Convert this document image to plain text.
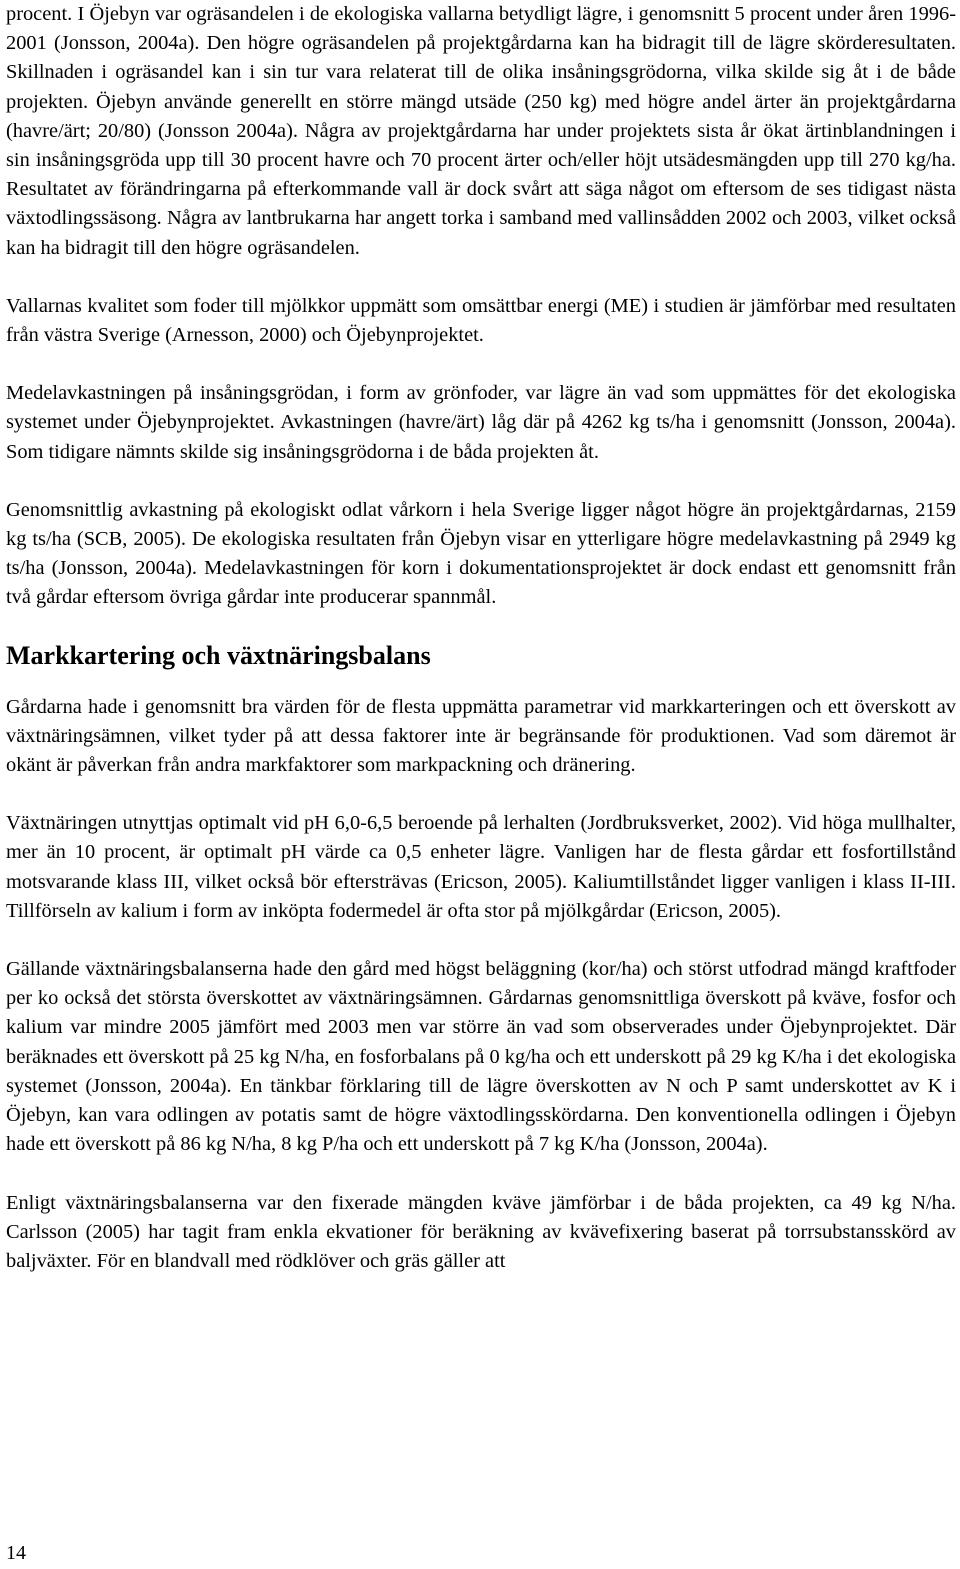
procent. I Öjebyn var ogräsandelen i de ekologiska vallarna betydligt lägre, i genomsnitt 5 procent under åren 1996-2001 (Jonsson, 2004a). Den högre ogräsandelen på projektgårdarna kan ha bidragit till de lägre skörderesultaten. Skillnaden i ogräsandel kan i sin tur vara relaterat till de olika insåningsgrödorna, vilka skilde sig åt i de både projekten. Öjebyn använde generellt en större mängd utsäde (250 kg) med högre andel ärter än projektgårdarna (havre/ärt; 20/80) (Jonsson 2004a). Några av projektgårdarna har under projektets sista år ökat ärtinblandningen i sin insåningsgröda upp till 30 procent havre och 70 procent ärter och/eller höjt utsädesmängden upp till 270 kg/ha. Resultatet av förändringarna på efterkommande vall är dock svårt att säga något om eftersom de ses tidigast nästa växtodlingssäsong. Några av lantbrukarna har angett torka i samband med vallinsådden 2002 och 2003, vilket också kan ha bidragit till den högre ogräsandelen.

Vallarnas kvalitet som foder till mjölkkor uppmätt som omsättbar energi (ME) i studien är jämförbar med resultaten från västra Sverige (Arnesson, 2000) och Öjebynprojektet.

Medelavkastningen på insåningsgrödan, i form av grönfoder, var lägre än vad som uppmättes för det ekologiska systemet under Öjebynprojektet. Avkastningen (havre/ärt) låg där på 4262 kg ts/ha i genomsnitt (Jonsson, 2004a). Som tidigare nämnts skilde sig insåningsgrödorna i de båda projekten åt.

Genomsnittlig avkastning på ekologiskt odlat vårkorn i hela Sverige ligger något högre än projektgårdarnas, 2159 kg ts/ha (SCB, 2005). De ekologiska resultaten från Öjebyn visar en ytterligare högre medelavkastning på 2949 kg ts/ha (Jonsson, 2004a). Medelavkastningen för korn i dokumentationsprojektet är dock endast ett genomsnitt från två gårdar eftersom övriga gårdar inte producerar spannmål.

Markkartering och växtnäringsbalans

Gårdarna hade i genomsnitt bra värden för de flesta uppmätta parametrar vid markkarteringen och ett överskott av växtnäringsämnen, vilket tyder på att dessa faktorer inte är begränsande för produktionen. Vad som däremot är okänt är påverkan från andra markfaktorer som markpackning och dränering.

Växtnäringen utnyttjas optimalt vid pH 6,0-6,5 beroende på lerhalten (Jordbruksverket, 2002). Vid höga mullhalter, mer än 10 procent, är optimalt pH värde ca 0,5 enheter lägre. Vanligen har de flesta gårdar ett fosfortillstånd motsvarande klass III, vilket också bör eftersträvas (Ericson, 2005). Kaliumtillståndet ligger vanligen i klass II-III. Tillförseln av kalium i form av inköpta fodermedel är ofta stor på mjölkgårdar (Ericson, 2005).

Gällande växtnäringsbalanserna hade den gård med högst beläggning (kor/ha) och störst utfodrad mängd kraftfoder per ko också det största överskottet av växtnäringsämnen. Gårdarnas genomsnittliga överskott på kväve, fosfor och kalium var mindre 2005 jämfört med 2003 men var större än vad som observerades under Öjebynprojektet. Där beräknades ett överskott på 25 kg N/ha, en fosforbalans på 0 kg/ha och ett underskott på 29 kg K/ha i det ekologiska systemet (Jonsson, 2004a). En tänkbar förklaring till de lägre överskotten av N och P samt underskottet av K i Öjebyn, kan vara odlingen av potatis samt de högre växtodlingsskördarna. Den konventionella odlingen i Öjebyn hade ett överskott på 86 kg N/ha, 8 kg P/ha och ett underskott på 7 kg K/ha (Jonsson, 2004a).

Enligt växtnäringsbalanserna var den fixerade mängden kväve jämförbar i de båda projekten, ca 49 kg N/ha. Carlsson (2005) har tagit fram enkla ekvationer för beräkning av kvävefixering baserat på torrsubstansskörd av baljväxter. För en blandvall med rödklöver och gräs gäller att

14
